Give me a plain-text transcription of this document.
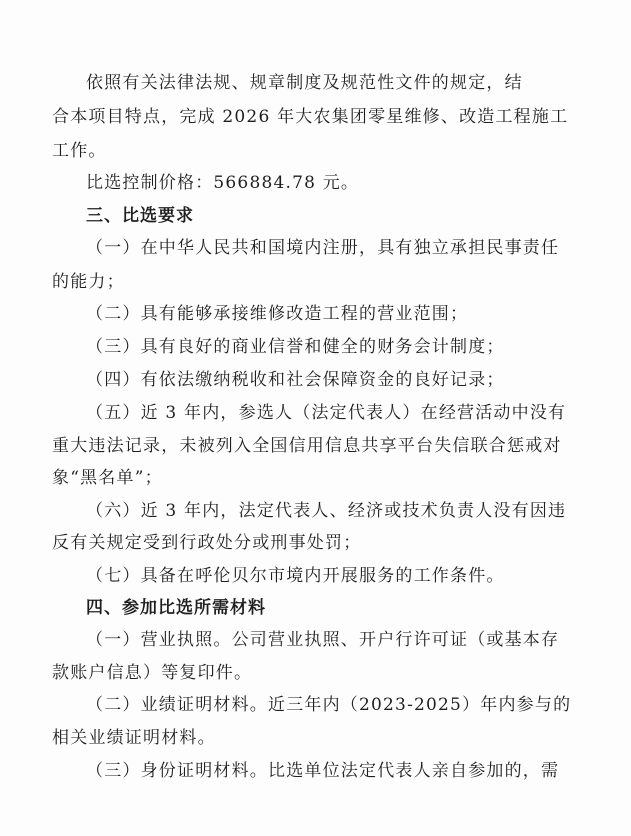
依照有关法律法规、规章制度及规范性文件的规定，结
合本项目特点，完成 2026 年大农集团零星维修、改造工程施工
工作。
比选控制价格：566884.78 元。
三、比选要求
（一）在中华人民共和国境内注册，具有独立承担民事责任
的能力；
（二）具有能够承接维修改造工程的营业范围；
（三）具有良好的商业信誉和健全的财务会计制度；
（四）有依法缴纳税收和社会保障资金的良好记录；
（五）近 3 年内，参选人（法定代表人）在经营活动中没有
重大违法记录，未被列入全国信用信息共享平台失信联合惩戒对
象“黑名单”；
（六）近 3 年内，法定代表人、经济或技术负责人没有因违
反有关规定受到行政处分或刑事处罚；
（七）具备在呼伦贝尔市境内开展服务的工作条件。
四、参加比选所需材料
（一）营业执照。公司营业执照、开户行许可证（或基本存
款账户信息）等复印件。
（二）业绩证明材料。近三年内（2023-2025）年内参与的
相关业绩证明材料。
（三）身份证明材料。比选单位法定代表人亲自参加的，需
